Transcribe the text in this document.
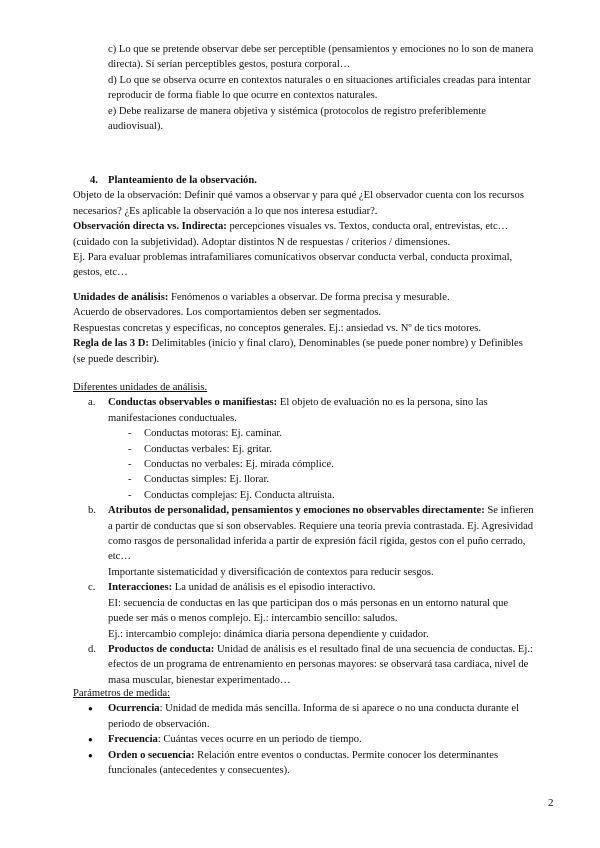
c) Lo que se pretende observar debe ser perceptible (pensamientos y emociones no lo son de manera directa). Sí serían perceptibles gestos, postura corporal…

d) Lo que se observa ocurre en contextos naturales o en situaciones artificiales creadas para intentar reproducir de forma fiable lo que ocurre en contextos naturales.

e) Debe realizarse de manera objetiva y sistémica (protocolos de registro preferiblemente audiovisual).

4. Planteamiento de la observación.

Objeto de la observación: Definir qué vamos a observar y para qué ¿El observador cuenta con los recursos necesarios? ¿Es aplicable la observación a lo que nos interesa estudiar?.

Observación directa vs. Indirecta: percepciones visuales vs. Textos, conducta oral, entrevistas, etc… (cuidado con la subjetividad). Adoptar distintos N de respuestas / criterios / dimensiones.

Ej. Para evaluar problemas intrafamiliares comunicativos observar conducta verbal, conducta proximal, gestos, etc…

Unidades de análisis: Fenómenos o variables a observar. De forma precisa y mesurable.

Acuerdo de observadores. Los comportamientos deben ser segmentados.

Respuestas concretas y específicas, no conceptos generales. Ej.: ansiedad vs. Nº de tics motores.

Regla de las 3 D: Delimitables (inicio y final claro), Denominables (se puede poner nombre) y Definibles (se puede describir).

Diferentes unidades de análisis.

a. Conductas observables o manifiestas: El objeto de evaluación no es la persona, sino las manifestaciones conductuales.
- Conductas motoras: Ej. caminar.
- Conductas verbales: Ej. gritar.
- Conductas no verbales: Ej. mirada cómplice.
- Conductas simples: Ej. llorar.
- Conductas complejas: Ej. Conducta altruista.
b. Atributos de personalidad, pensamientos y emociones no observables directamente: Se infieren a partir de conductas que sí son observables. Requiere una teoría previa contrastada. Ej. Agresividad como rasgos de personalidad inferida a partir de expresión fácil rígida, gestos con el puño cerrado, etc…

Importante sistematicidad y diversificación de contextos para reducir sesgos.

c. Interacciones: La unidad de análisis es el episodio interactivo.

EI: secuencia de conductas en las que participan dos o más personas en un entorno natural que puede ser más o menos complejo. Ej.: intercambio sencillo: saludos.

Ej.: intercambio complejo: dinámica diaria persona dependiente y cuidador.

d. Productos de conducta: Unidad de análisis es el resultado final de una secuencia de conductas. Ej.: efectos de un programa de entrenamiento en personas mayores: se observará tasa cardiaca, nivel de masa muscular, bienestar experimentado…

Parámetros de medida:

● Ocurrencia: Unidad de medida más sencilla. Informa de si aparece o no una conducta durante el periodo de observación.
● Frecuencia: Cuántas veces ocurre en un periodo de tiempo.
● Orden o secuencia: Relación entre eventos o conductas. Permite conocer los determinantes funcionales (antecedentes y consecuentes).
2
